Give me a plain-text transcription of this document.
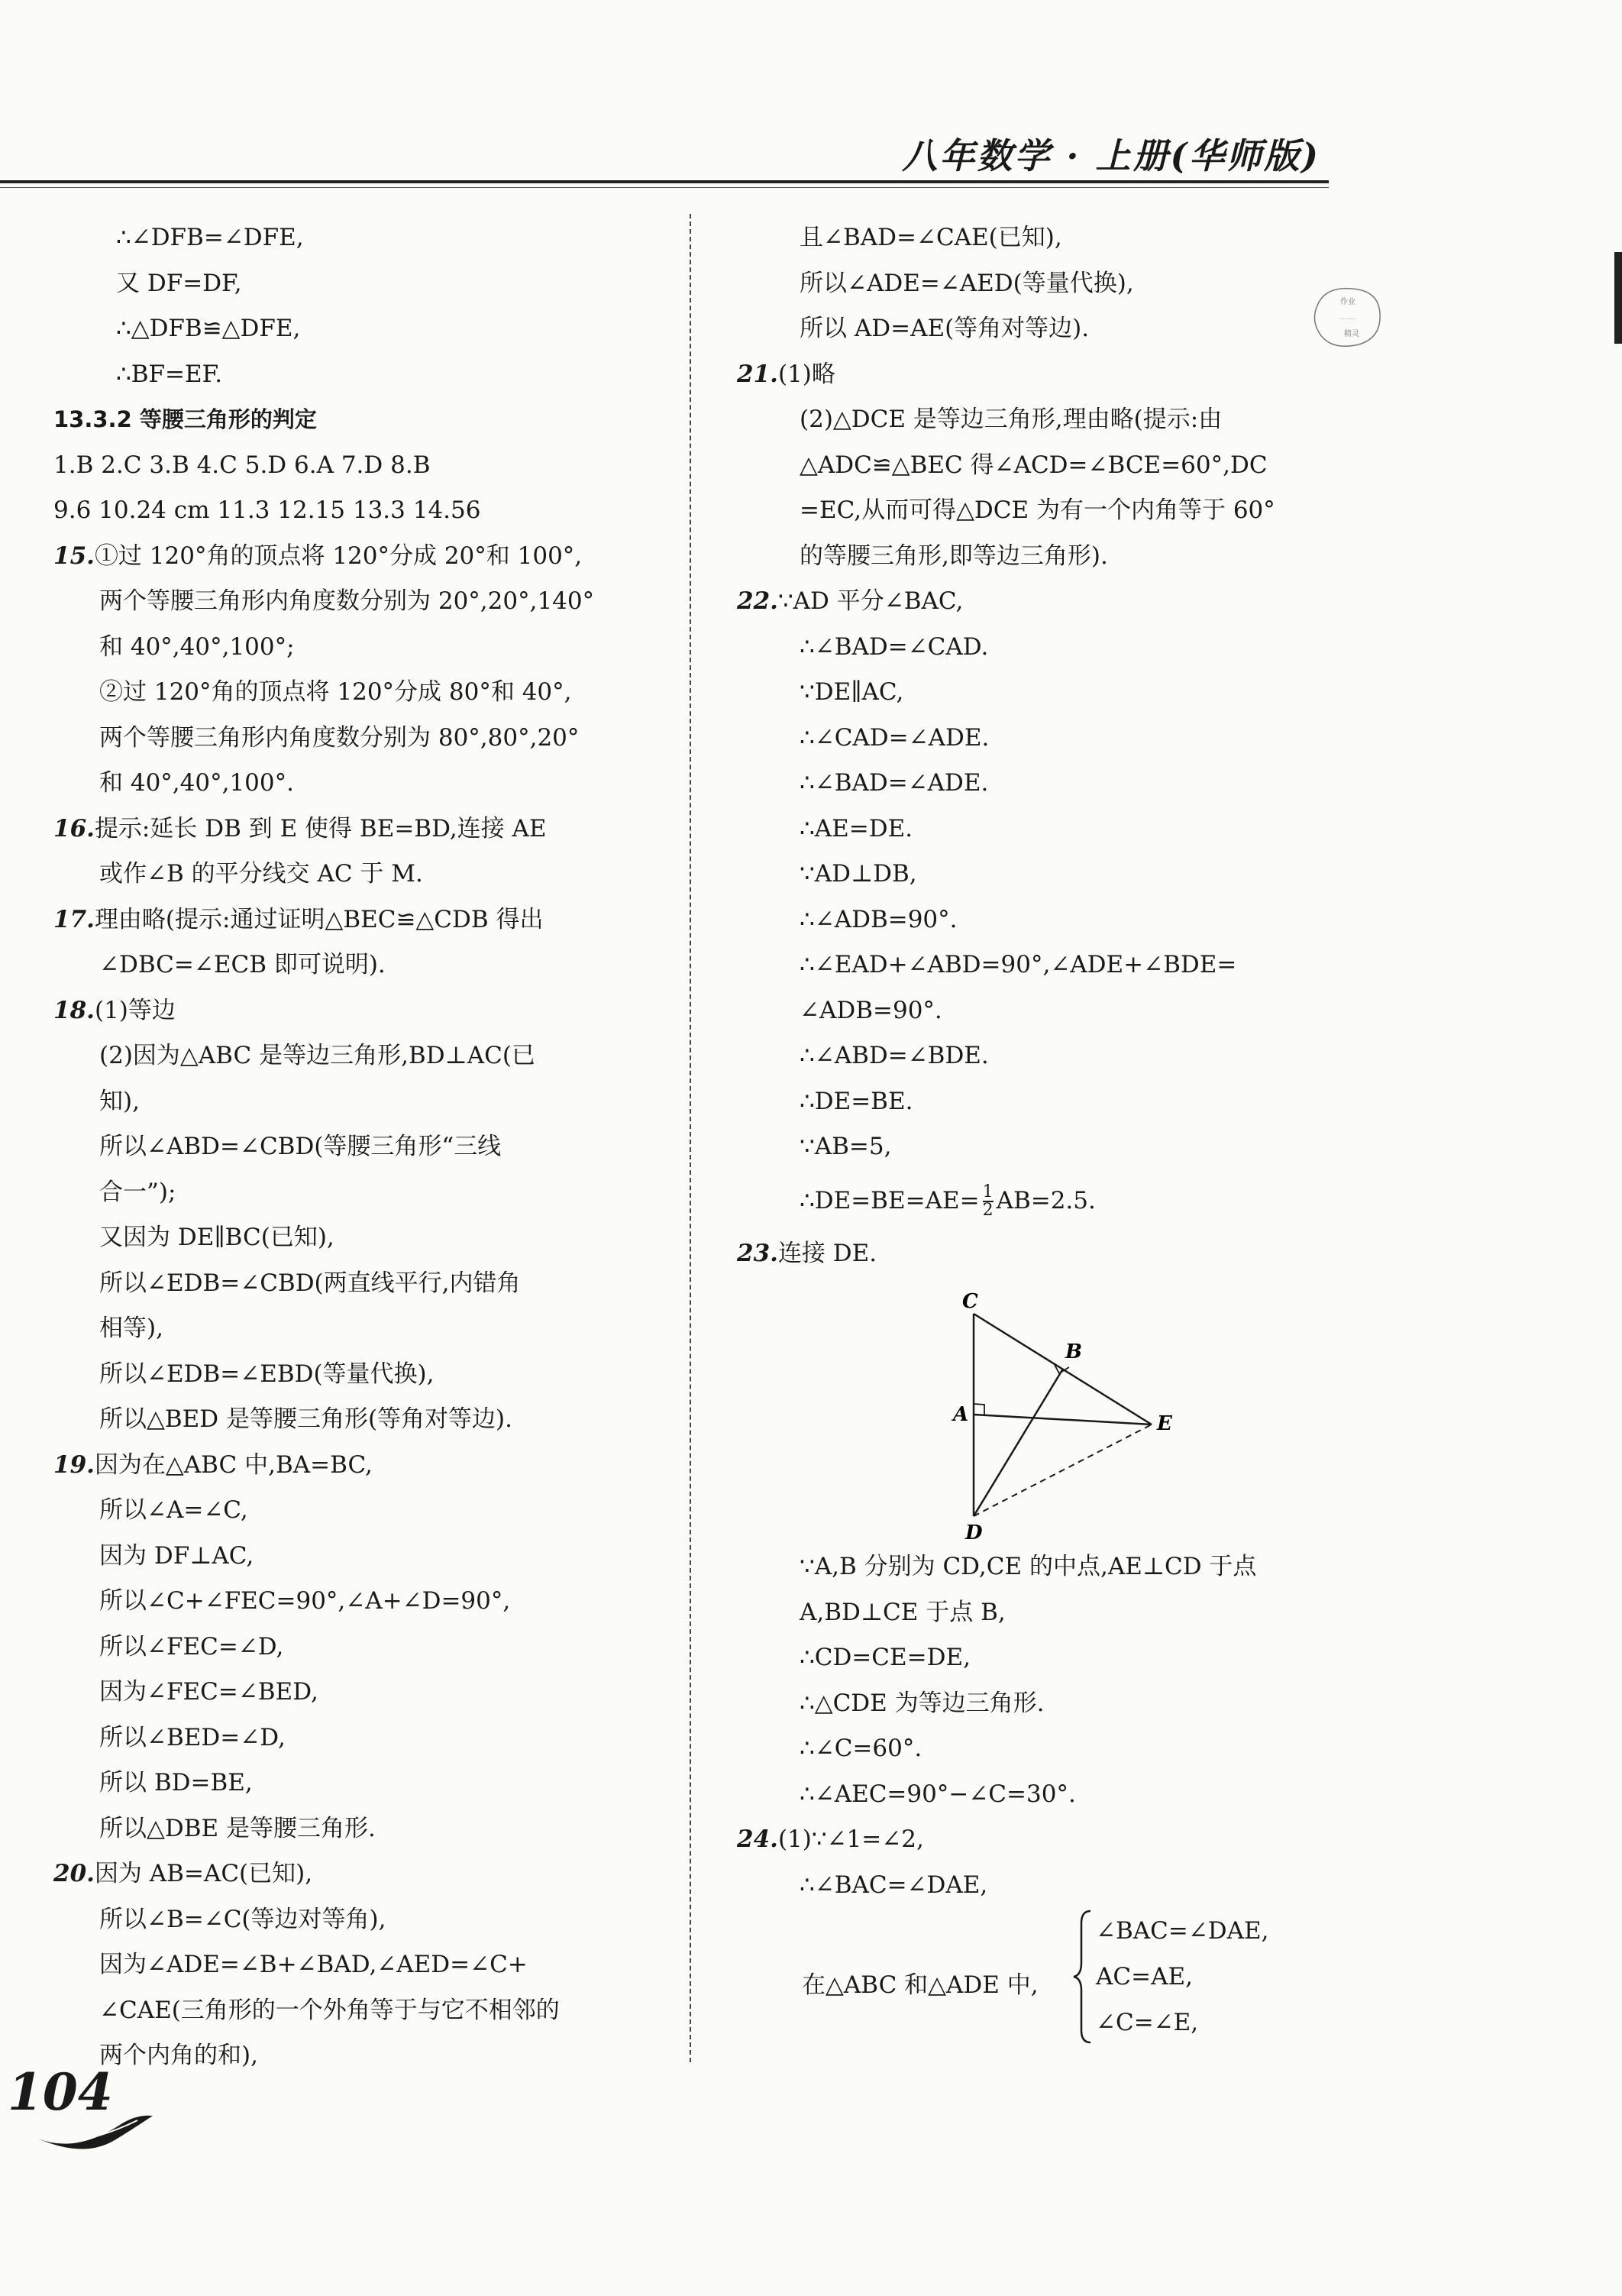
八年数学 · 上册(华师版)
作业
··········
精灵
∴∠DFB=∠DFE,
又 DF=DF,
∴△DFB≌△DFE,
∴BF=EF.
13.3.2 等腰三角形的判定
1.B 2.C 3.B 4.C 5.D 6.A 7.D 8.B
9.6 10.24 cm 11.3 12.15 13.3 14.56
15.①过 120°角的顶点将 120°分成 20°和 100°,
两个等腰三角形内角度数分别为 20°,20°,140°
和 40°,40°,100°;
②过 120°角的顶点将 120°分成 80°和 40°,
两个等腰三角形内角度数分别为 80°,80°,20°
和 40°,40°,100°.
16.提示:延长 DB 到 E 使得 BE=BD,连接 AE
或作∠B 的平分线交 AC 于 M.
17.理由略(提示:通过证明△BEC≌△CDB 得出
∠DBC=∠ECB 即可说明).
18.(1)等边
(2)因为△ABC 是等边三角形,BD⊥AC(已
知),
所以∠ABD=∠CBD(等腰三角形“三线
合一”);
又因为 DE∥BC(已知),
所以∠EDB=∠CBD(两直线平行,内错角
相等),
所以∠EDB=∠EBD(等量代换),
所以△BED 是等腰三角形(等角对等边).
19.因为在△ABC 中,BA=BC,
所以∠A=∠C,
因为 DF⊥AC,
所以∠C+∠FEC=90°,∠A+∠D=90°,
所以∠FEC=∠D,
因为∠FEC=∠BED,
所以∠BED=∠D,
所以 BD=BE,
所以△DBE 是等腰三角形.
20.因为 AB=AC(已知),
所以∠B=∠C(等边对等角),
因为∠ADE=∠B+∠BAD,∠AED=∠C+
∠CAE(三角形的一个外角等于与它不相邻的
两个内角的和),
且∠BAD=∠CAE(已知),
所以∠ADE=∠AED(等量代换),
所以 AD=AE(等角对等边).
21.(1)略
(2)△DCE 是等边三角形,理由略(提示:由
△ADC≌△BEC 得∠ACD=∠BCE=60°,DC
=EC,从而可得△DCE 为有一个内角等于 60°
的等腰三角形,即等边三角形).
22.∵AD 平分∠BAC,
∴∠BAD=∠CAD.
∵DE∥AC,
∴∠CAD=∠ADE.
∴∠BAD=∠ADE.
∴AE=DE.
∵AD⊥DB,
∴∠ADB=90°.
∴∠EAD+∠ABD=90°,∠ADE+∠BDE=
∠ADB=90°.
∴∠ABD=∠BDE.
∴DE=BE.
∵AB=5,
∴DE=BE=AE= $\frac{1}{2} AB=2.5$.
23.连接 DE.
C
B
A	E
D
∵A,B 分别为 CD,CE 的中点,AE⊥CD 于点
A,BD⊥CE 于点 B,
∴CD=CE=DE,
∴△CDE 为等边三角形.
∴∠C=60°.
∴∠AEC=90°−∠C=30°.
24.(1)∵∠1=∠2,
∴∠BAC=∠DAE,
在△ABC 和△ADE 中,
∠BAC=∠DAE,
AC=AE,
∠C=∠E,
104
